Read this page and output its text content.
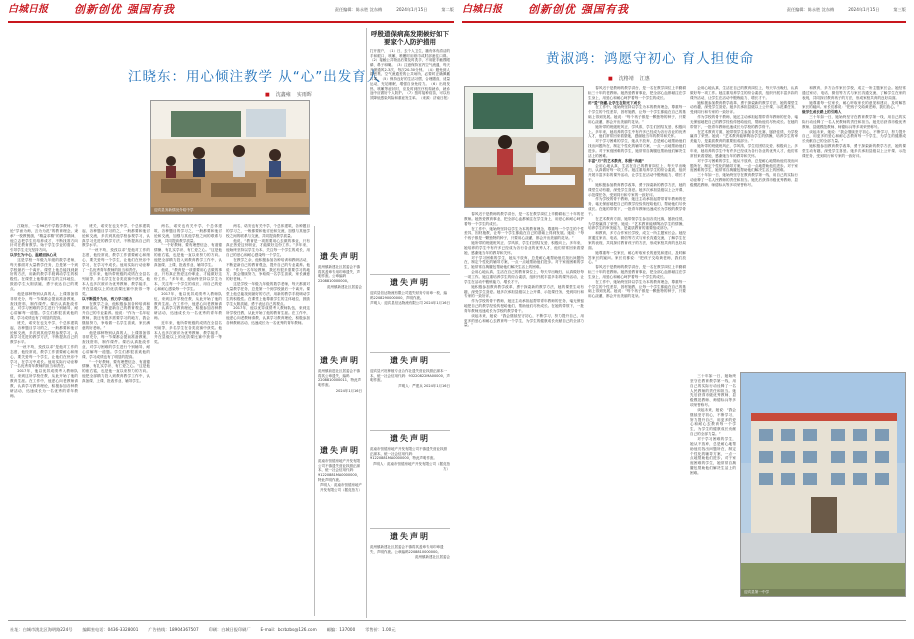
白城日报 创新创优 强国有我	责任编辑：陈永胜 沈东梅	2024年1月15日	第二版 白城日报 创新创优 强国有我	责任编辑：陈永胜 沈东梅	2024年1月15日	第三版
江晓东：用心倾注教学 从“心”出发育人
■ 沈鑫雍 实雨晖
迎宾县务新情况介绍中学

江晓东，一名96后中学数学教师。不论“学而为师，言为为范”的教育理念，秉承“一校教链旗，“精益求精”的教学精神，他立志把学生们培养成才，不断找准方向针对在教育教学。始于学生学业的需求，引导学生走完坚持方向。

以学生为中心，温暖而执心灵

这是学校一年级九年级的数学老师，每天都面对大量教学任务，总是第一个到学校最后一个离开。课堂上他总能找到最好的方法，用新的教学手段调动学生的积极性。在课堂上他尊重学生的主体地位，鼓励学生大胆质疑，勇于表达自己的观点。

他是那种特别认真的人，上课准备得非常充分，每一节课都会提前准备教案，查找资料，制作课件。课后认真批改作业，对学习困难的学生进行个别辅导，耐心讲解每一道题。学生们都很喜欢他的课，学习成绩也有了明显的提高。

班关，诺安在也支中学，个总体建筑起，各种题目学习的之，一般都要和他讨论和交流，多次到其他学校参观学习，认真学习先进的教学方法，不断提高自己的教学水平。

“一丝不苟，孜孜以求”是他对工作的态度，他经常说，教学工作需要耐心和细心，要关爱每一个学生，让他们在快乐中学习，在学习中成长。他用实际行动诠释了一名优秀青年教师的担当和责任。

2017年，他以优异成绩考入教师队伍，来到这所学校任教，从此开始了他的教育生涯。在工作中，他虚心向老教师请教，认真学习教育理论，积极参加各种教研活动，迅速成长为一名优秀的青年教师。

班关，诺安在也支中学，个总体建筑起，各种题目学习的之，一般都要和他讨论和交流，多次到其他学校参观学习，认真学习先进的教学方法，不断提高自己的教学水平。

“一丝不苟，孜孜以求”是他对工作的态度，他经常说，教学工作需要耐心和细心，要关爱每一个学生，让他们在快乐中学习，在学习中成长。他用实际行动诠释了一名优秀青年教师的担当和责任。

近年来，他所带班级的成绩在全县名列前茅，多名学生在各类竞赛中获奖。他本人也多次被评为优秀教师、教学能手，并在县级以上的优质课比赛中获得一等奖。

以不断提升为乐，致力学习能力

在教学之余，他积极参加各种培训和教研活动，不断更新自己的教育观念，提升自己的专业素养。他说：“作为一名年轻教师，我还有很多需要学习的地方，我会继续努力，争取做一名学生喜欢、家长满意的好老师。”

他是那种特别认真的人，上课准备得非常充分，每一节课都会提前准备教案，查找资料，制作课件。课后认真批改作业，对学习困难的学生进行个别辅导，耐心讲解每一道题。学生们都很喜欢他的课，学习成绩也有了明显的提高。

“一个好教师，要有理想信念、有道德情操、有扎实学识、有仁爱之心。”这是他的座右铭，也是他一直以来努力的方向。他把全部精力投入到教育教学工作中，认真备课、上课、批改作业、辅导学生。

两名，诺安也有关中学，个总体建筑，各种题目的学习之，一般都要和他讨论和交流，加强与其他学校之间的联系与交流，共同提高教学质量。

“一个好教师，要有理想信念、有道德情操、有扎实学识、有仁爱之心。”这是他的座右铭，也是他一直以来努力的方向。他把全部精力投入到教育教学工作中，认真备课、上课、批改作业、辅导学生。

他说，“教育是一项需要用心去做的事业，只有真正热爱这份职业，才能做好这份工作。”多年来，他始终坚持以学生为本，关注每一个学生的成长，用自己的爱心和耐心感染每一个学生。

2017年，他以优异成绩考入教师队伍，来到这所学校任教，从此开始了他的教育生涯。在工作中，他虚心向老教师请教，认真学习教育理论，积极参加各种教研活动，迅速成长为一名优秀的青年教师。

近年来，他所带班级的成绩在全县名列前茅，多名学生在各类竞赛中获奖。他本人也多次被评为优秀教师、教学能手，并在县级以上的优质课比赛中获得一等奖。

两名，诺安也有关中学，个总体建筑，各种题目的学习之，一般都要和他讨论和交流，加强与其他学校之间的联系与交流，共同提高教学质量。

他说，“教育是一项需要用心去做的事业，只有真正热爱这份职业，才能做好这份工作。”多年来，他始终坚持以学生为本，关注每一个学生的成长，用自己的爱心和耐心感染每一个学生。

在教学之余，他积极参加各种培训和教研活动，不断更新自己的教育观念，提升自己的专业素养。他说：“作为一名年轻教师，我还有很多需要学习的地方，我会继续努力，争取做一名学生喜欢、家长满意的好老师。”

这是学校一年级九年级的数学老师，每天都面对大量教学任务，总是第一个到学校最后一个离开。课堂上他总能找到最好的方法，用新的教学手段调动学生的积极性。在课堂上他尊重学生的主体地位，鼓励学生大胆质疑，勇于表达自己的观点。

2017年，他以优异成绩考入教师队伍，来到这所学校任教，从此开始了他的教育生涯。在工作中，他虚心向老教师请教，认真学习教育理论，积极参加各种教研活动，迅速成长为一名优秀的青年教师。

遗失声明
洮州镇新建社区居委会不慎将其盖章专用印章遗失，声明作废。公章编码2208810000000。
洮州镇新建社区居委会
遗失声明
洮州镇前进社区居委会不慎将其公章遗失，编码2208810000011，特此声明作废。
2024年1月16日
遗失声明
洮南市恒德房地产开发有限公司不慎遗失营业执照正副本，统一社会信用代码：91220881MA0000000，特此声明作废。
声明人：洮南市恒德房地产开发有限公司（据竞拍方）
呼殷道保病高发期候好如下要家个人防护措用
打开窗户，（1）日，去个人卫生，播有体有清洁的手和眼口，咳嗽、喷嚏时用纸巾或肘部遮住口鼻。（2）接触公共物品后要及时洗手，不用脏手触摸眼睛、鼻子和嘴。（3）注意保持室内空气流通，每天开窗通风2-3次，每次20-30分钟。（4）避免到人群密集、空气流通差的公共场所，必要时正确佩戴口罩。（5）保持良好的生活习惯，合理膳食，适量运动，充足睡眠，增强自身免疫力。（6）出现发热、咳嗽等症状时，应及时到医疗机构就诊，就诊途中应做好个人防护。（7）按时接种疫苗，可以有效降低感染风险和重症发生率。（来源：济南日报）
遗失声明
迎宾县信达物流有限公司遗失财务专用章一枚，编码2208290000000，声明作废。
声明人：迎宾县信达物流有限公司 2024年1月16日
遗失声明
迎宾县兴旺种植专业合作社遗失营业执照正副本一本，统一社会信用代码：93220822MA00000，声明作废。
声明人：严建兵 2024年1月16日
遗失声明
洮南市恒德房地产开发有限公司不慎遗失营业执照正副本，统一社会信用代码：91220881MA0000000，特此声明作废。
声明人：洮南市恒德房地产开发有限公司（据竞拍方）
遗失声明
洮州镇新建社区居委会不慎将其盖章专用印章遗失，声明作废。公章编码2208810000000。
洮州镇新建社区居委会
黄淑鸿：鸿愿守初心 育人担使命
■ 沈格靖 江惠
迎宾县第一中学

春风迟于是教师的教学讲台，是一名在教学岗位上辛勤耕耘三十年的老教师。她热爱教育事业，把全部心血都倾注在学生身上，用爱心和耐心呵护着每一个学生的成长。

用“爱”浇灌,让学生在阳光下成长

在工作中，她始终坚持以学生为本的教育理念，尊重每一个学生的个性差异，因材施教，让每一个学生都能在自己的基础上得到发展。她说：“每个孩子都是一颗独特的种子，只要用心浇灌，都会开出美丽的花朵。”

她所带的班级班风正、学风浓，学生们团结友爱、积极向上。多年来，她培养的学生中有许多已经成为各行各业的优秀人才，他们常常回来看望她，感谢她当年的教导和关怀。

对于学习困难的学生，她从不放弃，总是耐心地帮助他们找出问题所在，制定个性化的辅导方案，一点一点地帮助他们进步。对于家庭困难的学生，她常常自掏腰包帮助他们解决生活上的困难。

丰富“月”的艺术教育，积极“奔跑”

会用心地认真，生活在自己的教育岗位上，每天早出晚归，认真做好每一项工作。她注重培养学生的综合素质，组织开展丰富多彩的课外活动，让学生在活动中锻炼能力、增长才干。

她积极参加教育教学改革，勇于探索新的教学方法，她的课堂生动有趣，深受学生喜爱。她多次承担县级以上公开课、示范课任务，受到同行和专家的一致好评。

作为学校的骨干教师，她还主动承担起帮带青年教师的任务，毫无保留地把自己的教学经验传授给他们，帮助他们尽快成长。在她的带领下，一批青年教师迅速成长为学校的教学骨干。

在艺术教育方面，她带领学生参加各类比赛，屡获佳绩，为学校赢得了荣誉。她说：“艺术教育能够陶冶学生的情操，培养学生的审美能力，是素质教育的重要组成部分。”

和教育，多方合作家长学校，成立一所主题家长会。她经常通过家访、电话、微信等方式与家长沟通交流，了解学生在家的表现，共同探讨教育孩子的方法，形成家校共育的良好局面。

她尊重每一位家长，耐心听取家长的意见和建议，及时解答家长的疑问。家长们都说：“把孩子交给黄老师，我们放心。”

春风迟于是教师的教学讲台，是一名在教学岗位上辛勤耕耘三十年的老教师。她热爱教育事业，把全部心血都倾注在学生身上，用爱心和耐心呵护着每一个学生的成长。

在工作中，她始终坚持以学生为本的教育理念，尊重每一个学生的个性差异，因材施教，让每一个学生都能在自己的基础上得到发展。她说：“每个孩子都是一颗独特的种子，只要用心浇灌，都会开出美丽的花朵。”

会用心地认真，生活在自己的教育岗位上，每天早出晚归，认真做好每一项工作。她注重培养学生的综合素质，组织开展丰富多彩的课外活动，让学生在活动中锻炼能力、增长才干。

她积极参加教育教学改革，勇于探索新的教学方法，她的课堂生动有趣，深受学生喜爱。她多次承担县级以上公开课、示范课任务，受到同行和专家的一致好评。

作为学校的骨干教师，她还主动承担起帮带青年教师的任务，毫无保留地把自己的教学经验传授给他们，帮助他们尽快成长。在她的带领下，一批青年教师迅速成长为学校的教学骨干。

在艺术教育方面，她带领学生参加各类比赛，屡获佳绩，为学校赢得了荣誉。她说：“艺术教育能够陶冶学生的情操，培养学生的审美能力，是素质教育的重要组成部分。”

她所带的班级班风正、学风浓，学生们团结友爱、积极向上。多年来，她培养的学生中有许多已经成为各行各业的优秀人才，他们常常回来看望她，感谢她当年的教导和关怀。

对于学习困难的学生，她从不放弃，总是耐心地帮助他们找出问题所在，制定个性化的辅导方案，一点一点地帮助他们进步。对于家庭困难的学生，她常常自掏腰包帮助他们解决生活上的困难。

三十年如一日，她始终坚守在教育教学第一线，用自己的实际行动诠释了一名人民教师的责任和担当。她先后获得市级优秀教师、县级模范教师、师德标兵等多项荣誉称号。

和教育，多方合作家长学校，成立一所主题家长会。她经常通过家访、电话、微信等方式与家长沟通交流，了解学生在家的表现，共同探讨教育孩子的方法，形成家校共育的良好局面。

她尊重每一位家长，耐心听取家长的意见和建议，及时解答家长的疑问。家长们都说：“把孩子交给黄老师，我们放心。”

做学生成长路上的引路人

三十年如一日，她始终坚守在教育教学第一线，用自己的实际行动诠释了一名人民教师的责任和担当。她先后获得市级优秀教师、县级模范教师、师德标兵等多项荣誉称号。

谈起未来，她说：“我会继续坚守初心，不断学习，努力提升自己，用更多的爱心和耐心去教育每一个学生，为学生的健康成长贡献自己的全部力量。”

她积极参加教育教学改革，勇于探索新的教学方法，她的课堂生动有趣，深受学生喜爱。她多次承担县级以上公开课、示范课任务，受到同行和专家的一致好评。

春风迟于是教师的教学讲台，是一名在教学岗位上辛勤耕耘三十年的老教师。她热爱教育事业，把全部心血都倾注在学生身上，用爱心和耐心呵护着每一个学生的成长。

在工作中，她始终坚持以学生为本的教育理念，尊重每一个学生的个性差异，因材施教，让每一个学生都能在自己的基础上得到发展。她说：“每个孩子都是一颗独特的种子，只要用心浇灌，都会开出美丽的花朵。”

她所带的班级班风正、学风浓，学生们团结友爱、积极向上。多年来，她培养的学生中有许多已经成为各行各业的优秀人才，他们常常回来看望她，感谢她当年的教导和关怀。

对于学习困难的学生，她从不放弃，总是耐心地帮助他们找出问题所在，制定个性化的辅导方案，一点一点地帮助他们进步。对于家庭困难的学生，她常常自掏腰包帮助他们解决生活上的困难。

会用心地认真，生活在自己的教育岗位上，每天早出晚归，认真做好每一项工作。她注重培养学生的综合素质，组织开展丰富多彩的课外活动，让学生在活动中锻炼能力、增长才干。

她积极参加教育教学改革，勇于探索新的教学方法，她的课堂生动有趣，深受学生喜爱。她多次承担县级以上公开课、示范课任务，受到同行和专家的一致好评。

作为学校的骨干教师，她还主动承担起帮带青年教师的任务，毫无保留地把自己的教学经验传授给他们，帮助他们尽快成长。在她的带领下，一批青年教师迅速成长为学校的教学骨干。

谈起未来，她说：“我会继续坚守初心，不断学习，努力提升自己，用更多的爱心和耐心去教育每一个学生，为学生的健康成长贡献自己的全部力量。”

三十年如一日，她始终坚守在教育教学第一线，用自己的实际行动诠释了一名人民教师的责任和担当。她先后获得市级优秀教师、县级模范教师、师德标兵等多项荣誉称号。

谈起未来，她说：“我会继续坚守初心，不断学习，努力提升自己，用更多的爱心和耐心去教育每一个学生，为学生的健康成长贡献自己的全部力量。”

对于学习困难的学生，她从不放弃，总是耐心地帮助他们找出问题所在，制定个性化的辅导方案，一点一点地帮助他们进步。对于家庭困难的学生，她常常自掏腰包帮助他们解决生活上的困难。

社址：白城市洮北区海明路224号 编辑室电话：0436-3328001 广告热线：18904367507 印刷：白城日报印刷厂 E-mail：bcrbzbs@126.com 邮编：137000 零售价：1.00元
